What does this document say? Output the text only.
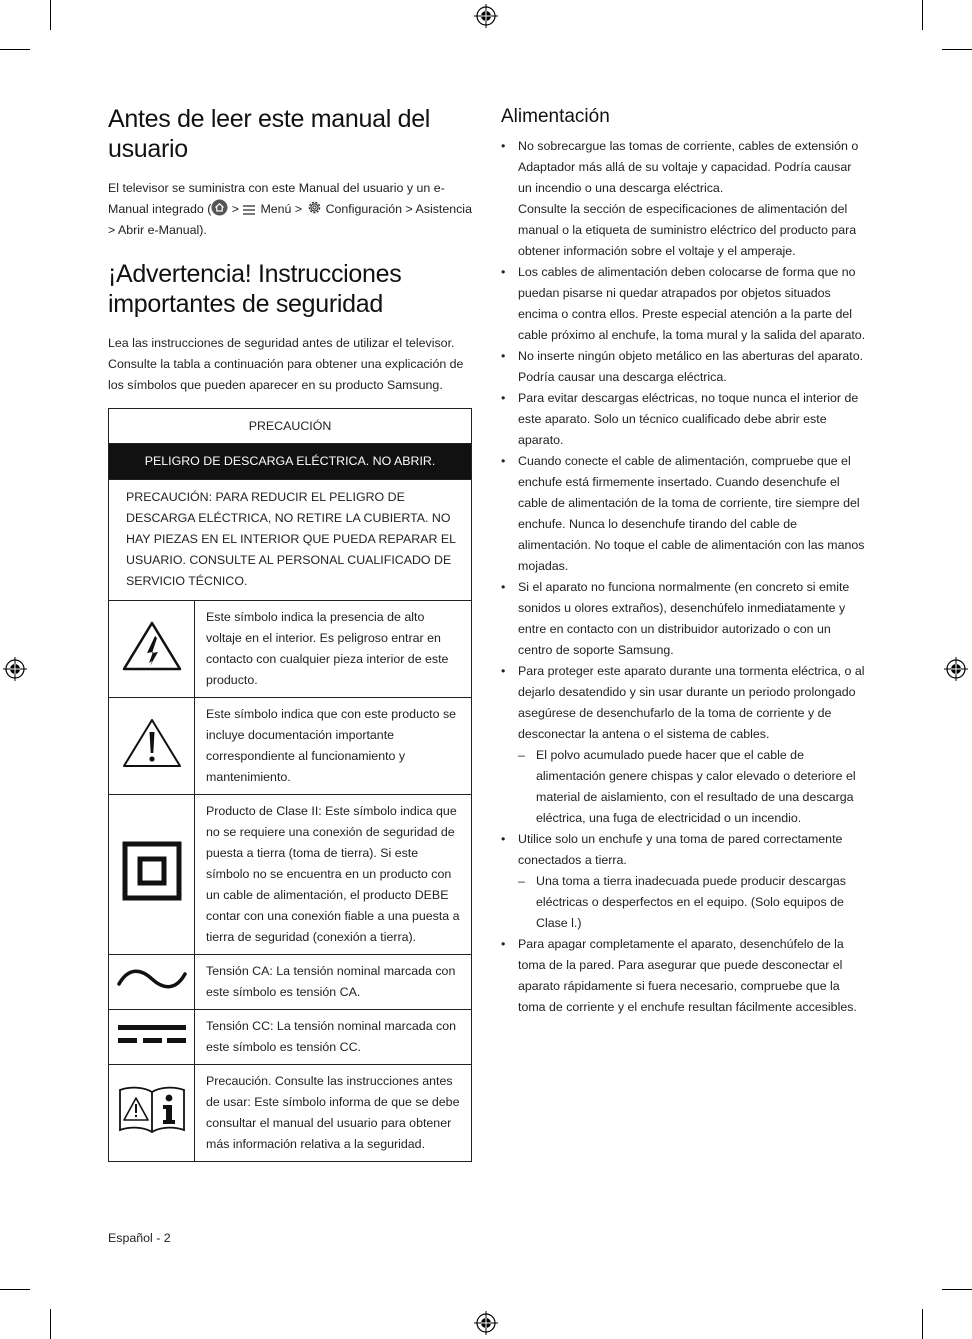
Antes de leer este manual del usuario

El televisor se suministra con este Manual del usuario y un e-Manual integrado ( > Menú > Configuración > Asistencia > Abrir e-Manual).

¡Advertencia! Instrucciones importantes de seguridad

Lea las instrucciones de seguridad antes de utilizar el televisor. Consulte la tabla a continuación para obtener una explicación de los símbolos que pueden aparecer en su producto Samsung.

PRECAUCIÓN	
PELIGRO DE DESCARGA ELÉCTRICA. NO ABRIR.	
PRECAUCIÓN: PARA REDUCIR EL PELIGRO DE DESCARGA ELÉCTRICA, NO RETIRE LA CUBIERTA. NO HAY PIEZAS EN EL INTERIOR QUE PUEDA REPARAR EL USUARIO. CONSULTE AL PERSONAL CUALIFICADO DE SERVICIO TÉCNICO.	
	Este símbolo indica la presencia de alto voltaje en el interior. Es peligroso entrar en contacto con cualquier pieza interior de este producto.
	Este símbolo indica que con este producto se incluye documentación importante correspondiente al funcionamiento y mantenimiento.
	Producto de Clase II: Este símbolo indica que no se requiere una conexión de seguridad de puesta a tierra (toma de tierra). Si este símbolo no se encuentra en un producto con un cable de alimentación, el producto DEBE contar con una conexión fiable a una puesta a tierra de seguridad (conexión a tierra).
	Tensión CA: La tensión nominal marcada con este símbolo es tensión CA.
	Tensión CC: La tensión nominal marcada con este símbolo es tensión CC.
	Precaución. Consulte las instrucciones antes de usar: Este símbolo informa de que se debe consultar el manual del usuario para obtener más información relativa a la seguridad.
Alimentación
• No sobrecargue las tomas de corriente, cables de extensión o Adaptador más allá de su voltaje y capacidad. Podría causar un incendio o una descarga eléctrica.
Consulte la sección de especificaciones de alimentación del manual o la etiqueta de suministro eléctrico del producto para obtener información sobre el voltaje y el amperaje.
• Los cables de alimentación deben colocarse de forma que no puedan pisarse ni quedar atrapados por objetos situados encima o contra ellos. Preste especial atención a la parte del cable próximo al enchufe, la toma mural y la salida del aparato.
• No inserte ningún objeto metálico en las aberturas del aparato. Podría causar una descarga eléctrica.
• Para evitar descargas eléctricas, no toque nunca el interior de este aparato. Solo un técnico cualificado debe abrir este aparato.
• Cuando conecte el cable de alimentación, compruebe que el enchufe está firmemente insertado. Cuando desenchufe el cable de alimentación de la toma de corriente, tire siempre del enchufe. Nunca lo desenchufe tirando del cable de alimentación. No toque el cable de alimentación con las manos mojadas.
• Si el aparato no funciona normalmente (en concreto si emite sonidos u olores extraños), desenchúfelo inmediatamente y entre en contacto con un distribuidor autorizado o con un centro de soporte Samsung.
• Para proteger este aparato durante una tormenta eléctrica, o al dejarlo desatendido y sin usar durante un periodo prolongado asegúrese de desenchufarlo de la toma de corriente y de desconectar la antena o el sistema de cables.
– El polvo acumulado puede hacer que el cable de alimentación genere chispas y calor elevado o deteriore el material de aislamiento, con el resultado de una descarga eléctrica, una fuga de electricidad o un incendio.
• Utilice solo un enchufe y una toma de pared correctamente conectados a tierra.
– Una toma a tierra inadecuada puede producir descargas eléctricas o desperfectos en el equipo. (Solo equipos de Clase l.)
• Para apagar completamente el aparato, desenchúfelo de la toma de la pared. Para asegurar que puede desconectar el aparato rápidamente si fuera necesario, compruebe que la toma de corriente y el enchufe resultan fácilmente accesibles.
Español - 2
